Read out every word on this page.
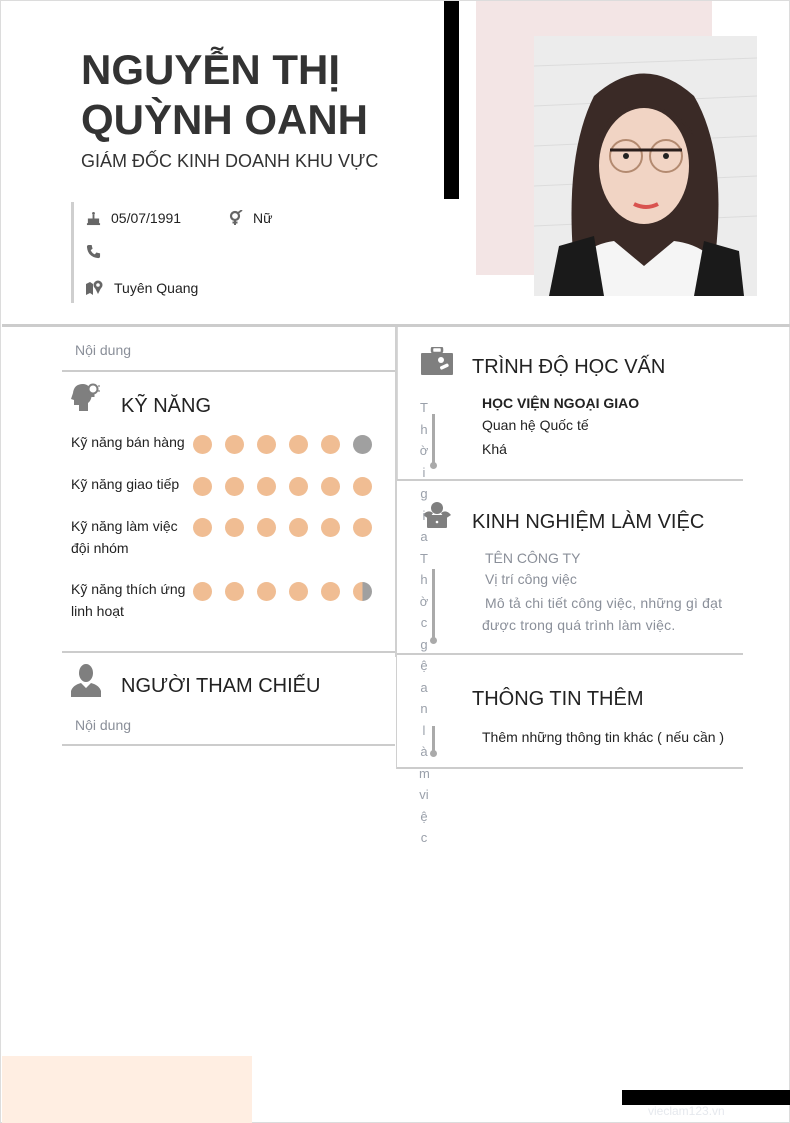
NGUYỄN THỊ
QUỲNH OANH
GIÁM ĐỐC KINH DOANH KHU VỰC
05/07/1991	Nữ
Tuyên Quang
Nội dung
KỸ NĂNG
Kỹ năng bán hàng
Kỹ năng giao tiếp
Kỹ năng làm việc đội nhóm
Kỹ năng thích ứng linh hoạt
NGƯỜI THAM CHIẾU
Nội dung
TRÌNH ĐỘ HỌC VẤN
HỌC VIỆN NGOẠI GIAO
Quan hệ Quốc tế
Khá
KINH NGHIỆM LÀM VIỆC
TÊN CÔNG TY
Vị trí công việc
Mô tả chi tiết công việc, những gì đạt được trong quá trình làm việc.
THÔNG TIN THÊM
Thêm những thông tin khác ( nếu cần )
ThờigiaThờcgệanlàmviệc
vieclam123.vn
